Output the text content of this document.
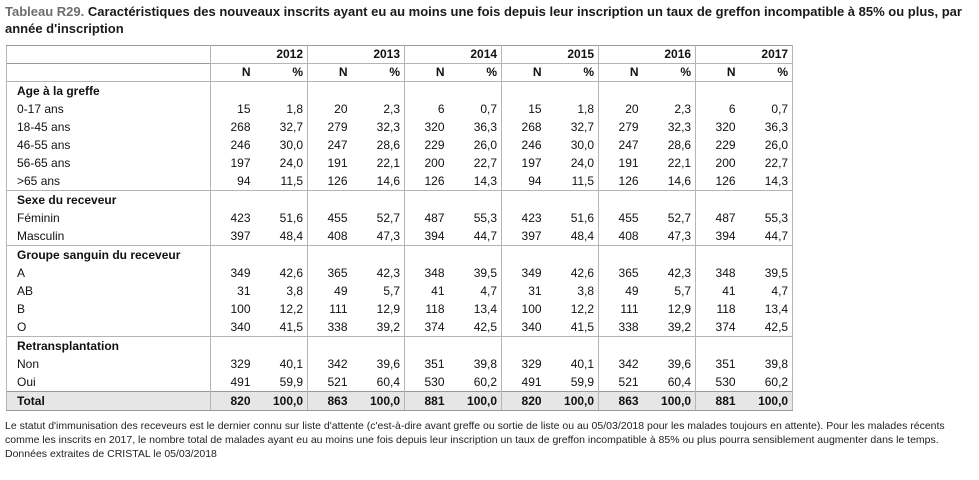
Tableau R29. Caractéristiques des nouveaux inscrits ayant eu au moins une fois depuis leur inscription un taux de greffon incompatible à 85% ou plus, par année d'inscription
	2012		2013		2014		2015		2016		2017	
	N	%	N	%	N	%	N	%	N	%	N	%
Age à la greffe												
0-17 ans	15	1,8	20	2,3	6	0,7	15	1,8	20	2,3	6	0,7
18-45 ans	268	32,7	279	32,3	320	36,3	268	32,7	279	32,3	320	36,3
46-55 ans	246	30,0	247	28,6	229	26,0	246	30,0	247	28,6	229	26,0
56-65 ans	197	24,0	191	22,1	200	22,7	197	24,0	191	22,1	200	22,7
>65 ans	94	11,5	126	14,6	126	14,3	94	11,5	126	14,6	126	14,3
Sexe du receveur												
Féminin	423	51,6	455	52,7	487	55,3	423	51,6	455	52,7	487	55,3
Masculin	397	48,4	408	47,3	394	44,7	397	48,4	408	47,3	394	44,7
Groupe sanguin du receveur												
A	349	42,6	365	42,3	348	39,5	349	42,6	365	42,3	348	39,5
AB	31	3,8	49	5,7	41	4,7	31	3,8	49	5,7	41	4,7
B	100	12,2	111	12,9	118	13,4	100	12,2	111	12,9	118	13,4
O	340	41,5	338	39,2	374	42,5	340	41,5	338	39,2	374	42,5
Retransplantation												
Non	329	40,1	342	39,6	351	39,8	329	40,1	342	39,6	351	39,8
Oui	491	59,9	521	60,4	530	60,2	491	59,9	521	60,4	530	60,2
Total	820	100,0	863	100,0	881	100,0	820	100,0	863	100,0	881	100,0
Le statut d'immunisation des receveurs est le dernier connu sur liste d'attente (c'est-à-dire avant greffe ou sortie de liste ou au 05/03/2018 pour les malades toujours en attente). Pour les malades récents comme les inscrits en 2017, le nombre total de malades ayant eu au moins une fois depuis leur inscription un taux de greffon incompatible à 85% ou plus pourra sensiblement augmenter dans le temps.
Données extraites de CRISTAL le 05/03/2018
